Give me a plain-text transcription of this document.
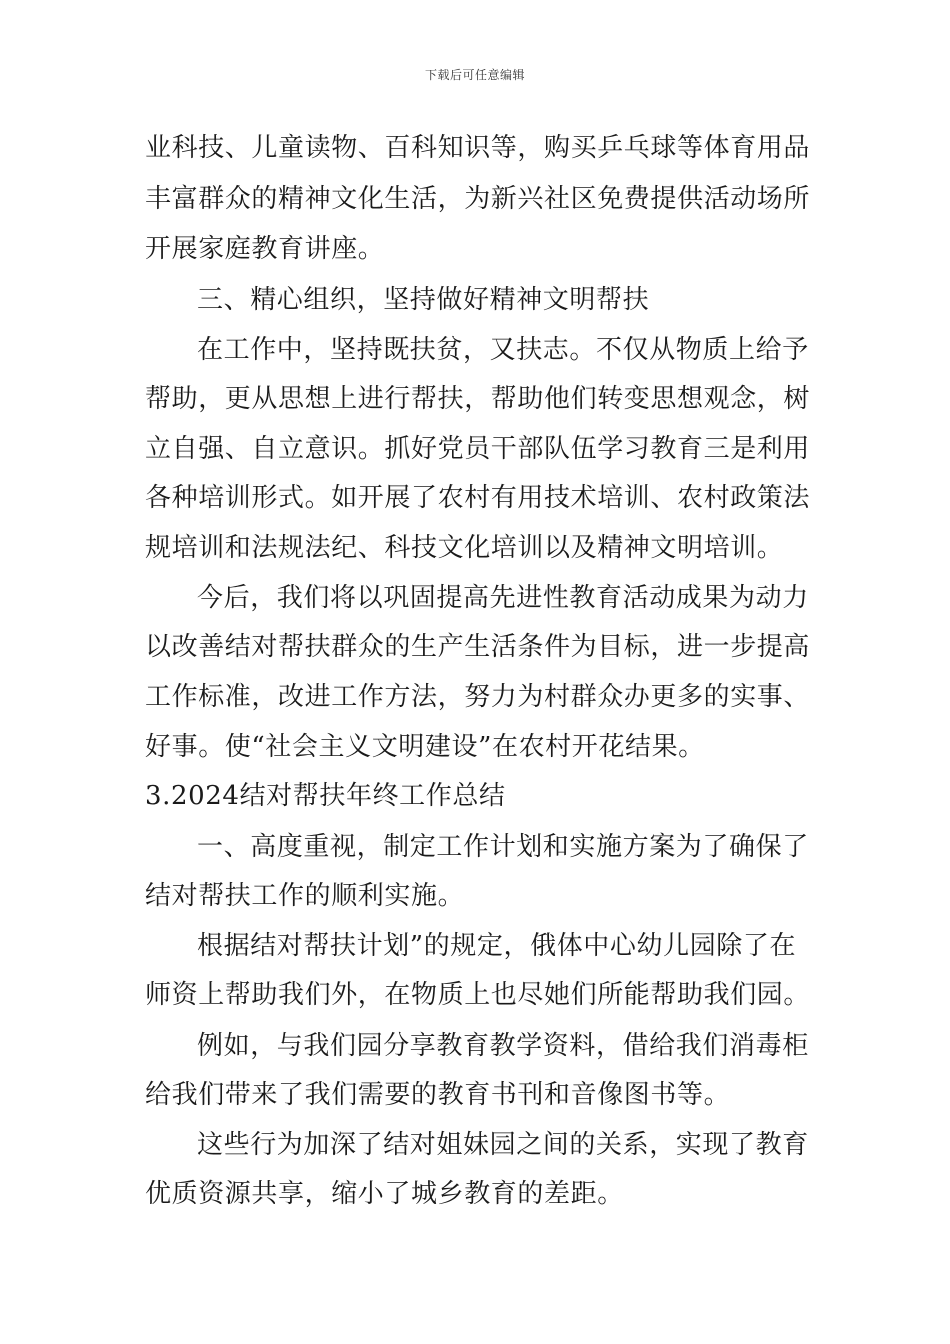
下载后可任意编辑
业科技、儿童读物、百科知识等，购买乒乓球等体育用品
丰富群众的精神文化生活，为新兴社区免费提供活动场所
开展家庭教育讲座。
三、精心组织，坚持做好精神文明帮扶
在工作中，坚持既扶贫，又扶志。不仅从物质上给予
帮助，更从思想上进行帮扶，帮助他们转变思想观念，树
立自强、自立意识。抓好党员干部队伍学习教育三是利用
各种培训形式。如开展了农村有用技术培训、农村政策法
规培训和法规法纪、科技文化培训以及精神文明培训。
今后，我们将以巩固提高先进性教育活动成果为动力
以改善结对帮扶群众的生产生活条件为目标，进一步提高
工作标准，改进工作方法，努力为村群众办更多的实事、
好事。使“社会主义文明建设”在农村开花结果。
3.2024结对帮扶年终工作总结
一、高度重视，制定工作计划和实施方案为了确保了
结对帮扶工作的顺利实施。
根据结对帮扶计划”的规定，俄体中心幼儿园除了在
师资上帮助我们外，在物质上也尽她们所能帮助我们园。
例如，与我们园分享教育教学资料，借给我们消毒柜
给我们带来了我们需要的教育书刊和音像图书等。
这些行为加深了结对姐妹园之间的关系，实现了教育
优质资源共享，缩小了城乡教育的差距。
